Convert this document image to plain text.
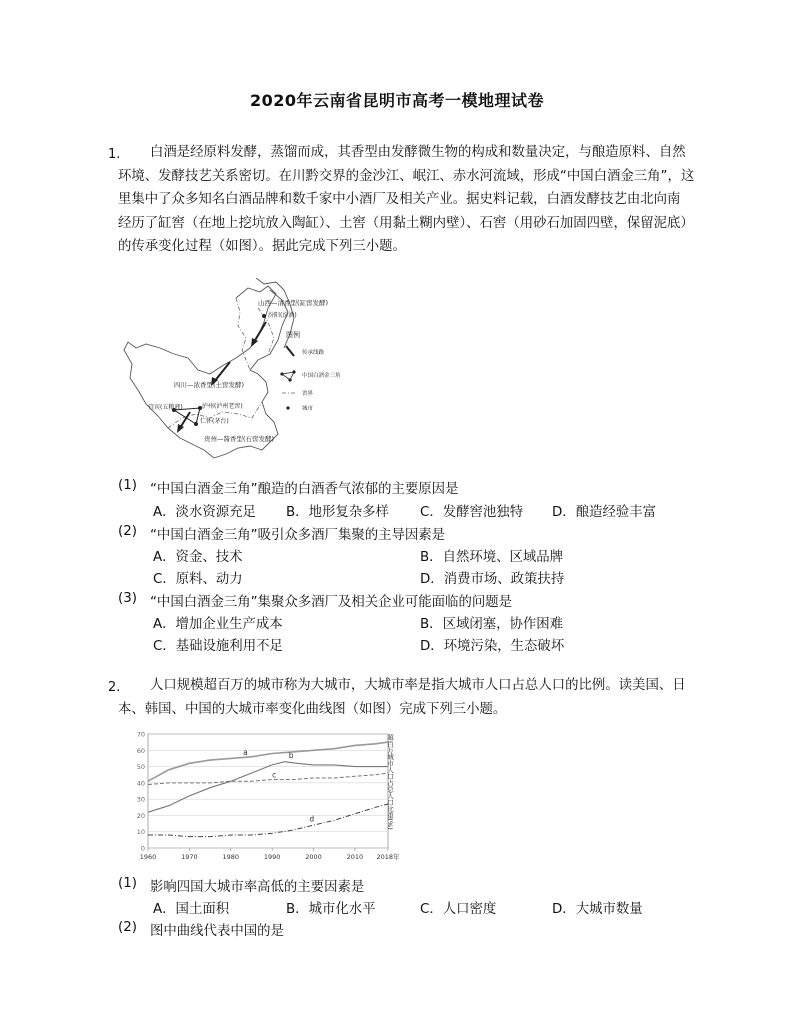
2020年云南省昆明市高考一模地理试卷
1.	白酒是经原料发酵，蒸馏而成，其香型由发酵微生物的构成和数量决定，与酿造原料、自然
环境、发酵技艺关系密切。在川黔交界的金沙江、岷江、赤水河流域，形成“中国白酒金三角”，这
里集中了众多知名白酒品牌和数千家中小酒厂及相关产业。据史料记载，白酒发酵技艺由北向南
经历了缸窖（在地上挖坑放入陶缸）、土窖（用黏土糊内壁）、石窖（用砂石加固四壁，保留泥底）
的传承变化过程（如图）。据此完成下列三小题。
山西—清香型(缸窖发酵)
汾阳(汾酒)
四川—浓香型(土窖发酵)
宜宾(五粮液)	泸州(泸州老窖)
仁怀(茅台)
贵州—酱香型(石窖发酵)
图例
传承线路
中国白酒金三角
省界
城市
(1) “中国白酒金三角”酿造的白酒香气浓郁的主要原因是
A．淡水资源充足 B．地形复杂多样 C．发酵窖池独特 D．酿造经验丰富
(2) “中国白酒金三角”吸引众多酒厂集聚的主导因素是
A．资金、技术	B．自然环境、区域品牌
C．原料、动力	D．消费市场、政策扶持
(3) “中国白酒金三角”集聚众多酒厂及相关企业可能面临的问题是
A．增加企业生产成本	B．区域闭塞，协作困难
C．基础设施利用不足	D．环境污染，生态破坏
2.	人口规模超百万的城市称为大城市，大城市率是指大城市人口占总人口的比例。读美国、日
本、韩国、中国的大城市率变化曲线图（如图）完成下列三小题。
0
10
20
30
40
50
60
70
1960	1970	1980	1990	2000	2010 2018年
a	b
c
d	超百万城市人口占总人口比重(%)
(1) 影响四国大城市率高低的主要因素是
A．国土面积	B．城市化水平	C．人口密度	D．大城市数量
(2) 图中曲线代表中国的是
